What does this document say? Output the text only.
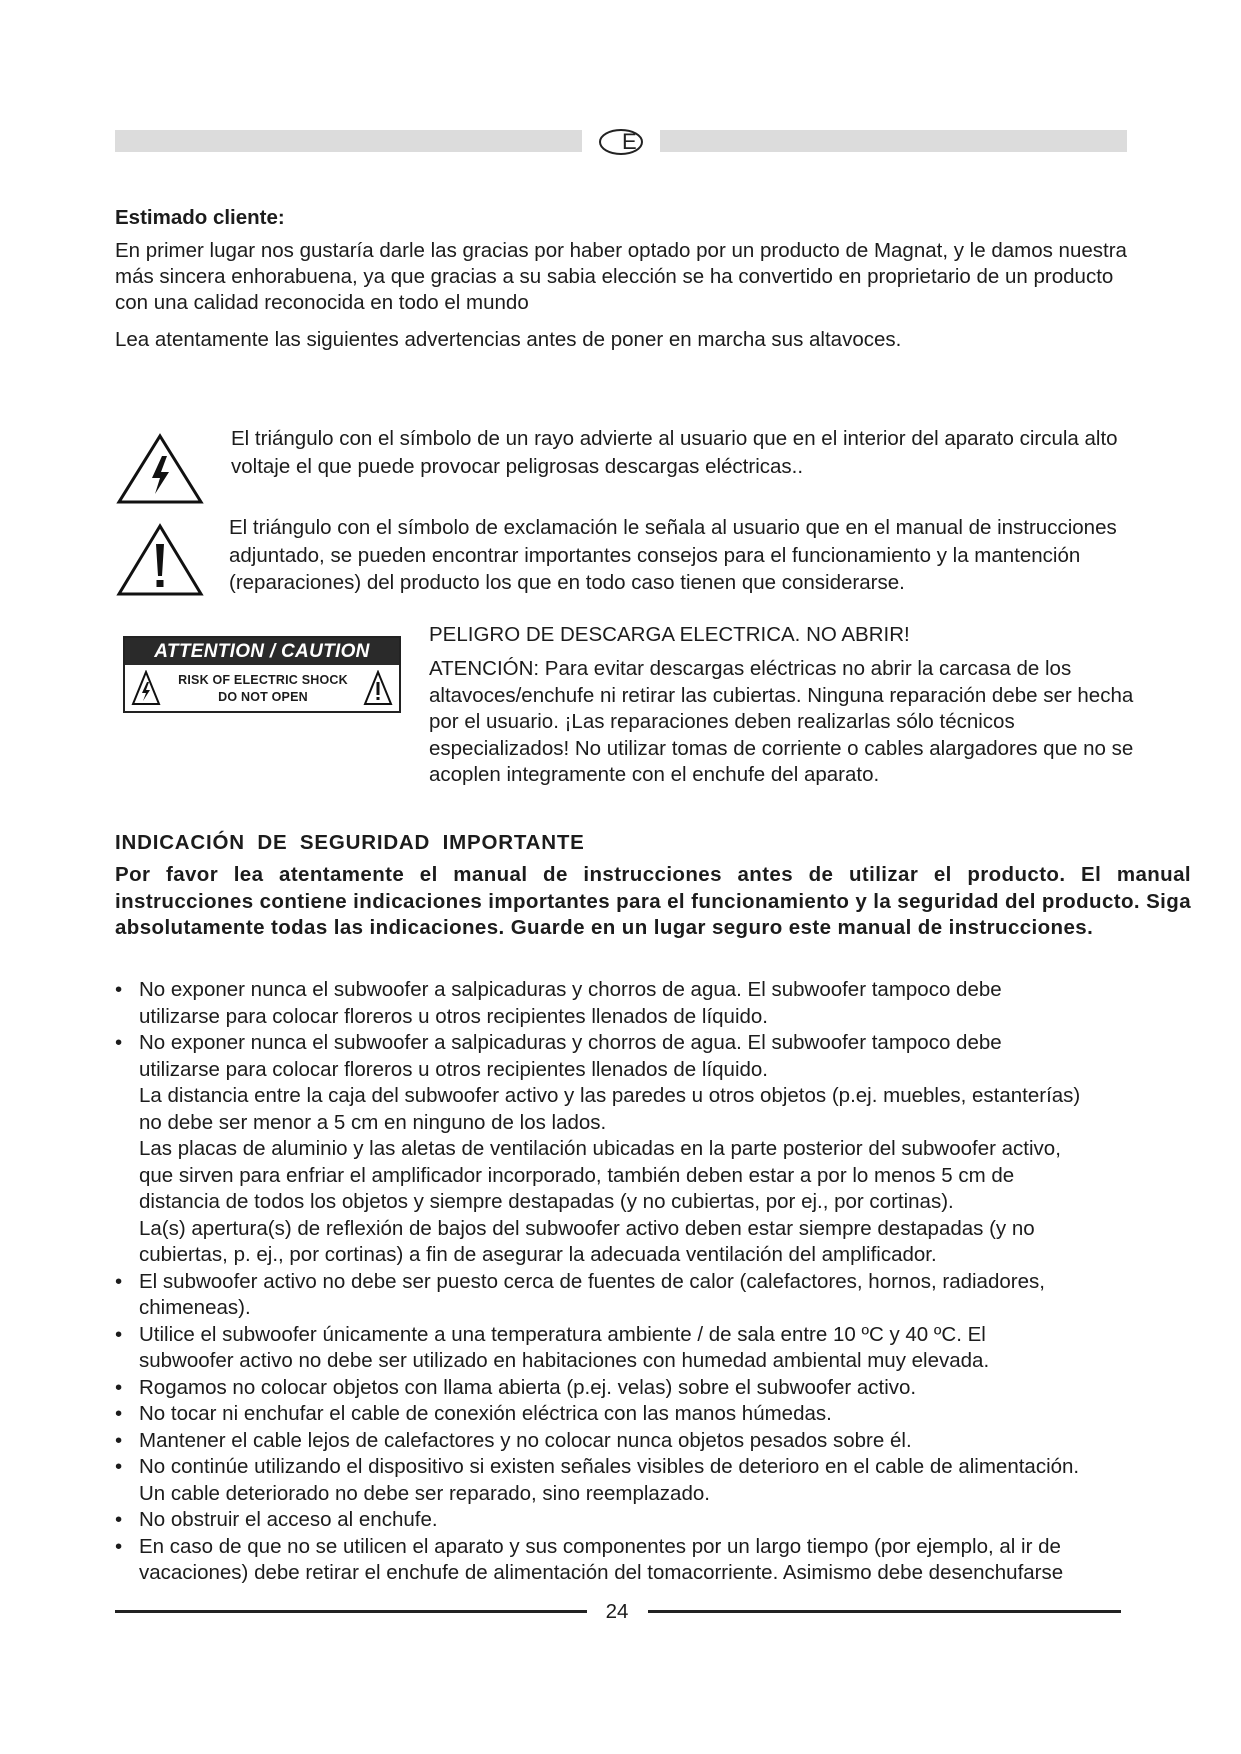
E
Estimado cliente:

En primer lugar nos gustaría darle las gracias por haber optado por un producto de Magnat, y le damos nuestra más sincera enhorabuena, ya que gracias a su sabia elección se ha convertido en proprietario de un producto con una calidad reconocida en todo el mundo

Lea atentamente las siguientes advertencias antes de poner en marcha sus altavoces.

El triángulo con el símbolo de un rayo advierte al usuario que en el interior del aparato circula alto voltaje el que puede provocar peligrosas descargas eléctricas..
El triángulo con el símbolo de exclamación le señala al usuario que en el manual de instrucciones adjuntado, se pueden encontrar importantes consejos para el funcionamiento y la mantención (reparaciones) del producto los que en todo caso tienen que considerarse.
ATTENTION / CAUTION
RISK OF ELECTRIC SHOCK
DO NOT OPEN
PELIGRO DE DESCARGA ELECTRICA. NO ABRIR!

ATENCIÓN: Para evitar descargas eléctricas no abrir la carcasa de los altavoces/enchufe ni retirar las cubiertas. Ninguna reparación debe ser hecha por el usuario. ¡Las reparaciones deben realizarlas sólo técnicos especializados! No utilizar tomas de corriente o cables alargadores que no se acoplen integramente con el enchufe del aparato.

INDICACIÓN DE SEGURIDAD IMPORTANTE

Por favor lea atentamente el manual de instrucciones antes de utilizar el producto. El manual instrucciones contiene indicaciones importantes para el funcionamiento y la seguridad del producto. Siga absolutamente todas las indicaciones. Guarde en un lugar seguro este manual de instrucciones.

• No exponer nunca el subwoofer a salpicaduras y chorros de agua. El subwoofer tampoco debe
utilizarse para colocar floreros u otros recipientes llenados de líquido.
• No exponer nunca el subwoofer a salpicaduras y chorros de agua. El subwoofer tampoco debe
utilizarse para colocar floreros u otros recipientes llenados de líquido.
La distancia entre la caja del subwoofer activo y las paredes u otros objetos (p.ej. muebles, estanterías)
no debe ser menor a 5 cm en ninguno de los lados.
Las placas de aluminio y las aletas de ventilación ubicadas en la parte posterior del subwoofer activo,
que sirven para enfriar el amplificador incorporado, también deben estar a por lo menos 5 cm de
distancia de todos los objetos y siempre destapadas (y no cubiertas, por ej., por cortinas).
La(s) apertura(s) de reflexión de bajos del subwoofer activo deben estar siempre destapadas (y no
cubiertas, p. ej., por cortinas) a fin de asegurar la adecuada ventilación del amplificador.
• El subwoofer activo no debe ser puesto cerca de fuentes de calor (calefactores, hornos, radiadores,
chimeneas).
• Utilice el subwoofer únicamente a una temperatura ambiente / de sala entre 10 ºC y 40 ºC. El
subwoofer activo no debe ser utilizado en habitaciones con humedad ambiental muy elevada.
• Rogamos no colocar objetos con llama abierta (p.ej. velas) sobre el subwoofer activo.
• No tocar ni enchufar el cable de conexión eléctrica con las manos húmedas.
• Mantener el cable lejos de calefactores y no colocar nunca objetos pesados sobre él.
• No continúe utilizando el dispositivo si existen señales visibles de deterioro en el cable de alimentación.
Un cable deteriorado no debe ser reparado, sino reemplazado.
• No obstruir el acceso al enchufe.
• En caso de que no se utilicen el aparato y sus componentes por un largo tiempo (por ejemplo, al ir de
vacaciones) debe retirar el enchufe de alimentación del tomacorriente. Asimismo debe desenchufarse
24
